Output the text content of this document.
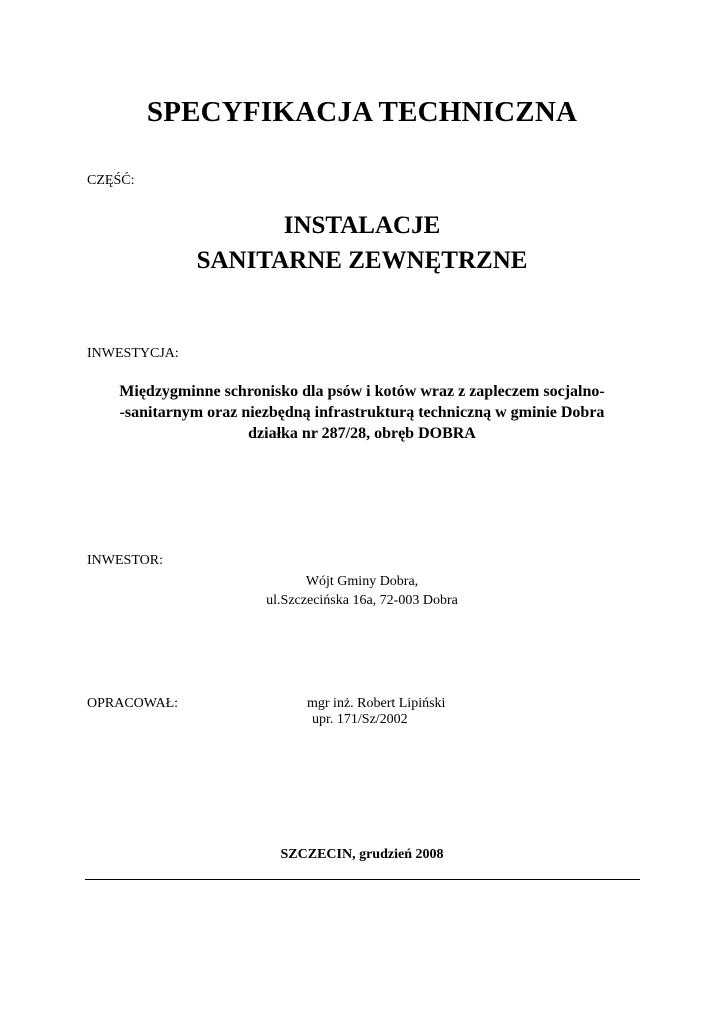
SPECYFIKACJA TECHNICZNA
CZĘŚĆ:
INSTALACJE
SANITARNE ZEWNĘTRZNE
INWESTYCJA:
Międzygminne schronisko dla psów i kotów wraz z zapleczem socjalno-
-sanitarnym oraz niezbędną infrastrukturą techniczną w gminie Dobra
działka nr 287/28, obręb DOBRA
INWESTOR:
Wójt Gminy Dobra,
ul.Szczecińska 16a, 72-003 Dobra
OPRACOWAŁ:	mgr inż. Robert Lipiński
upr. 171/Sz/2002
SZCZECIN, grudzień 2008
